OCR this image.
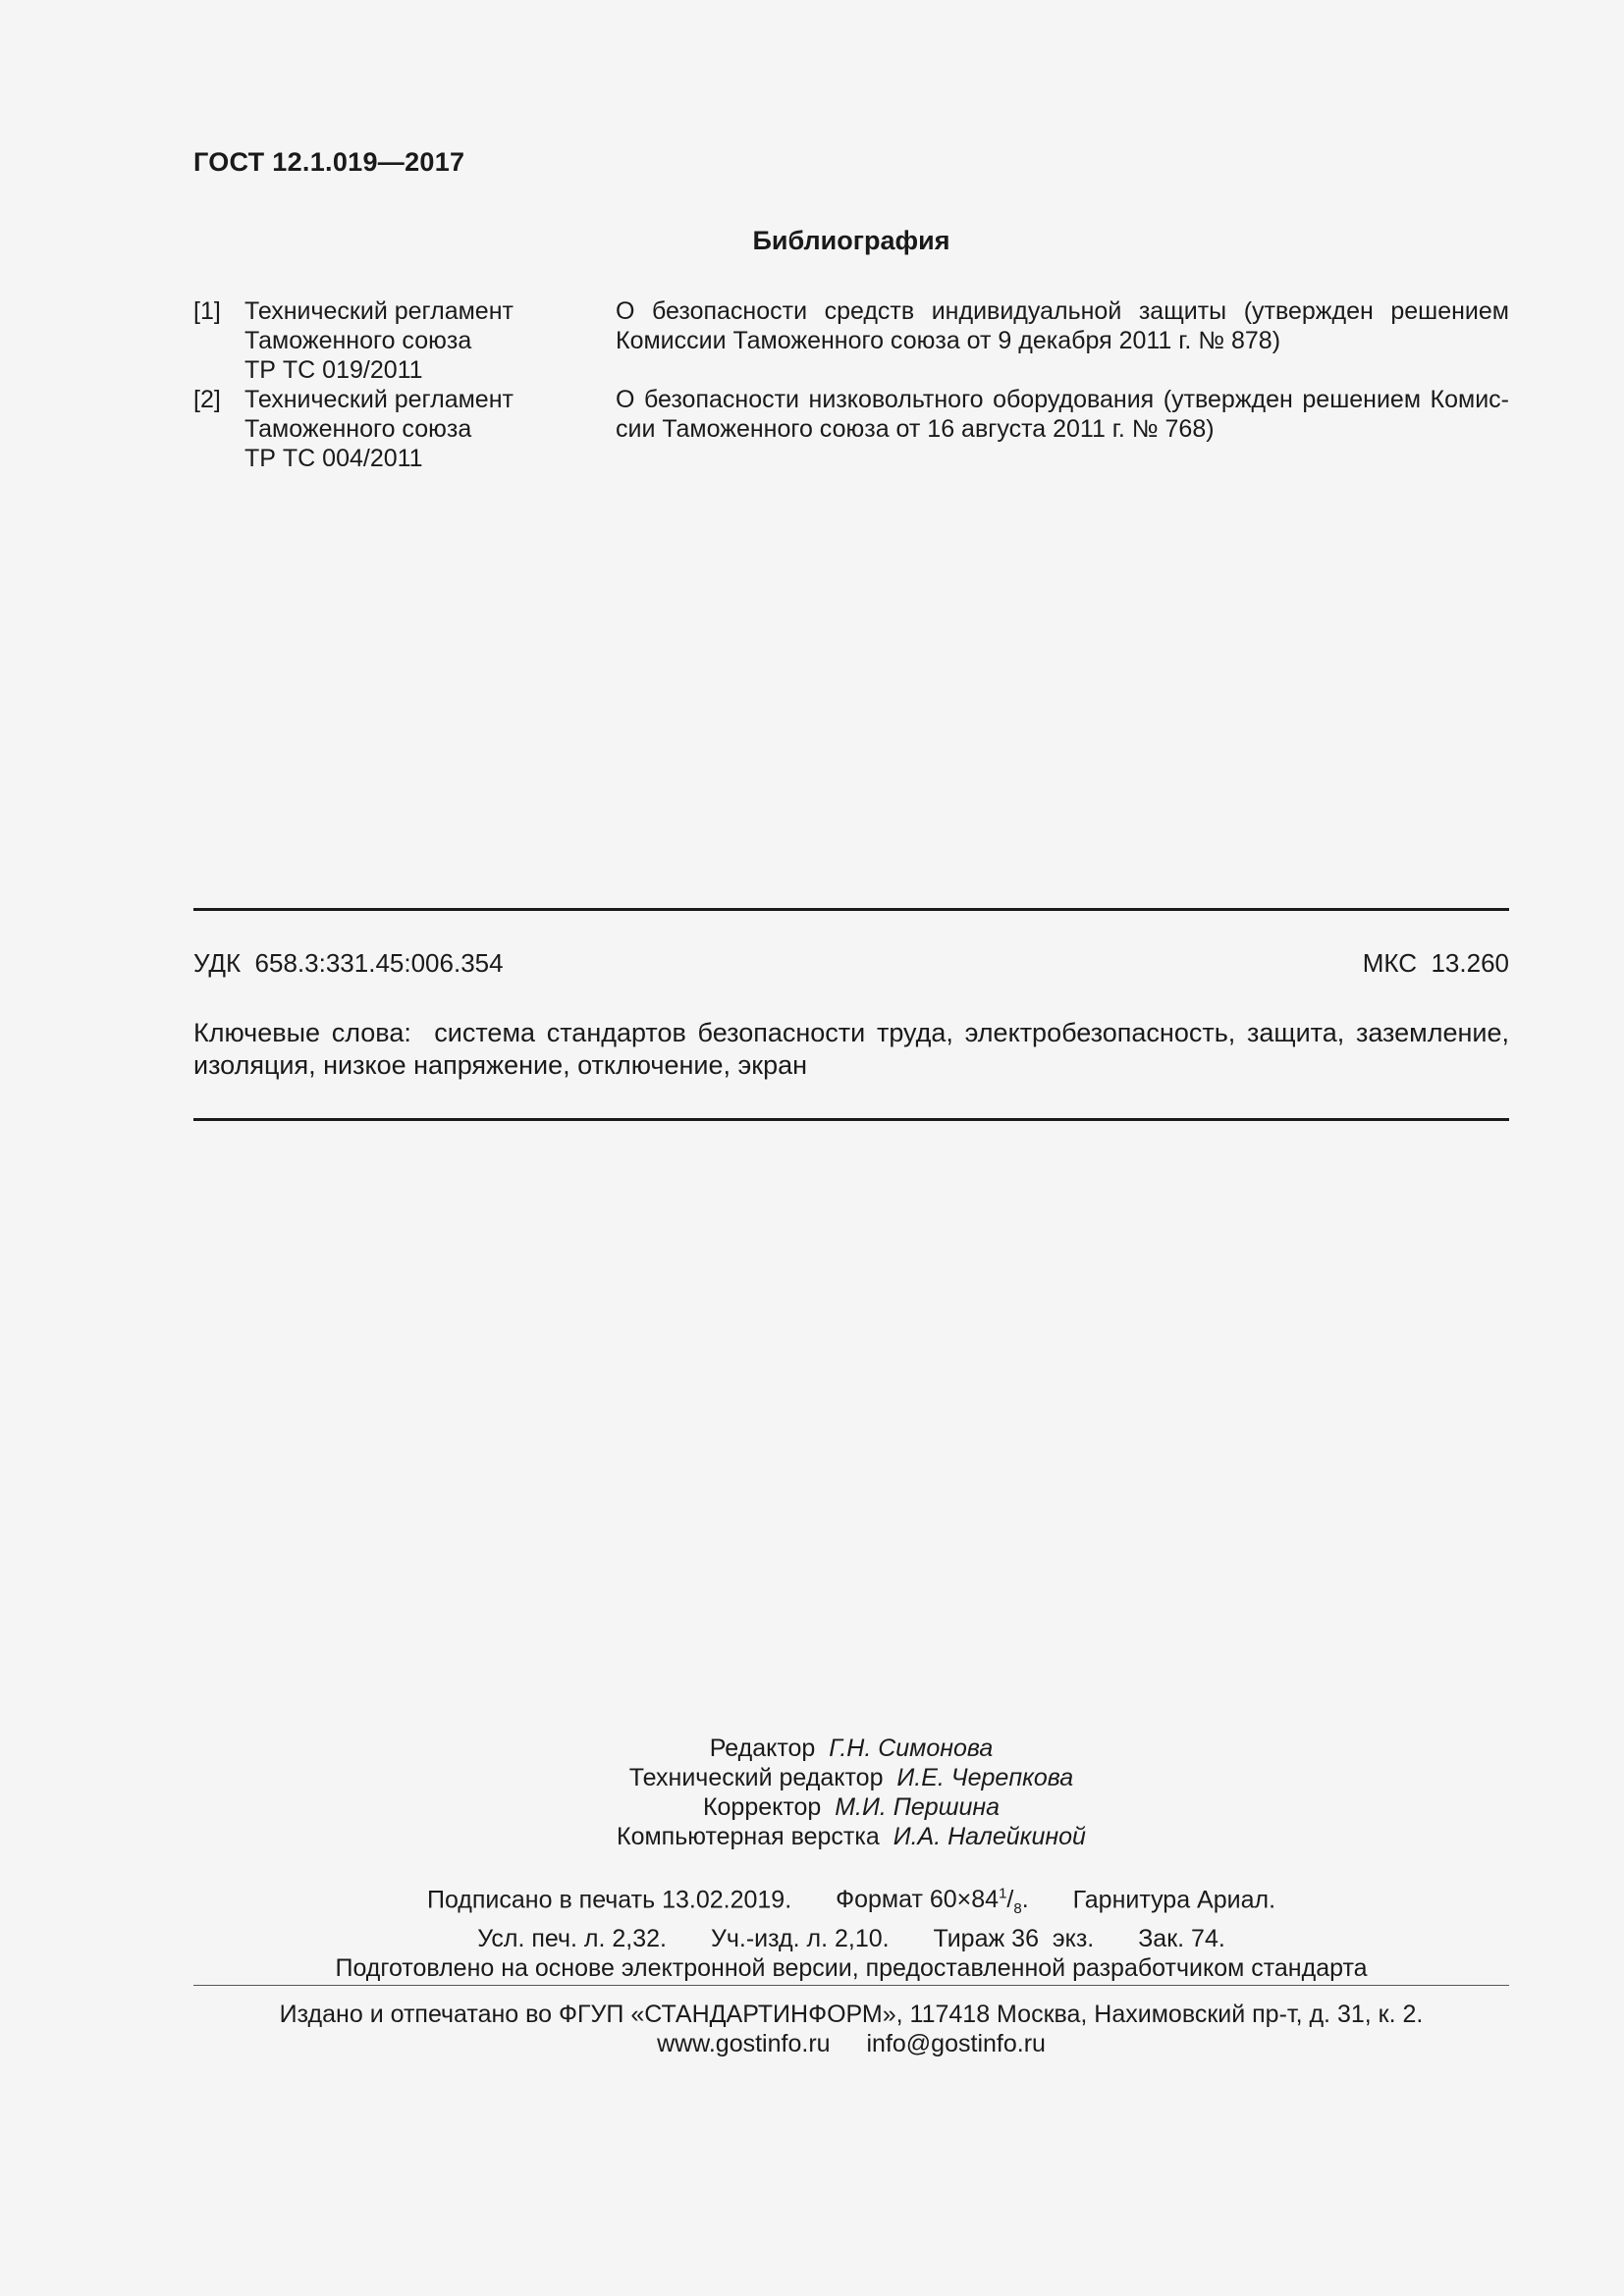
ГОСТ 12.1.019—2017
Библиография
[1] Технический регламент
Таможенного союза
ТР ТС 019/2011
О безопасности средств индивидуальной защиты (утвержден решением Комиссии Таможенного союза от 9 декабря 2011 г. № 878)
[2] Технический регламент
Таможенного союза
ТР ТС 004/2011
О безопасности низковольтного оборудования (утвержден решением Комис-сии Таможенного союза от 16 августа 2011 г. № 768)
УДК  658.3:331.45:006.354	МКС  13.260
Ключевые слова: система стандартов безопасности труда, электробезопасность, защита, заземление, изоляция, низкое напряжение, отключение, экран
Редактор Г.Н. Симонова
Технический редактор И.Е. Черепкова
Корректор М.И. Першина
Компьютерная верстка И.А. Налейкиной
Подписано в печать 13.02.2019. Формат $60\times 84^1/_8$. Гарнитура Ариал.
Усл. печ. л. 2,32. Уч.-изд. л. 2,10. Тираж 36  экз. Зак. 74.
Подготовлено на основе электронной версии, предоставленной разработчиком стандарта
Издано и отпечатано во ФГУП «СТАНДАРТИНФОРМ», 117418 Москва, Нахимовский пр-т, д. 31, к. 2.
www.gostinfo.ru info@gostinfo.ru
